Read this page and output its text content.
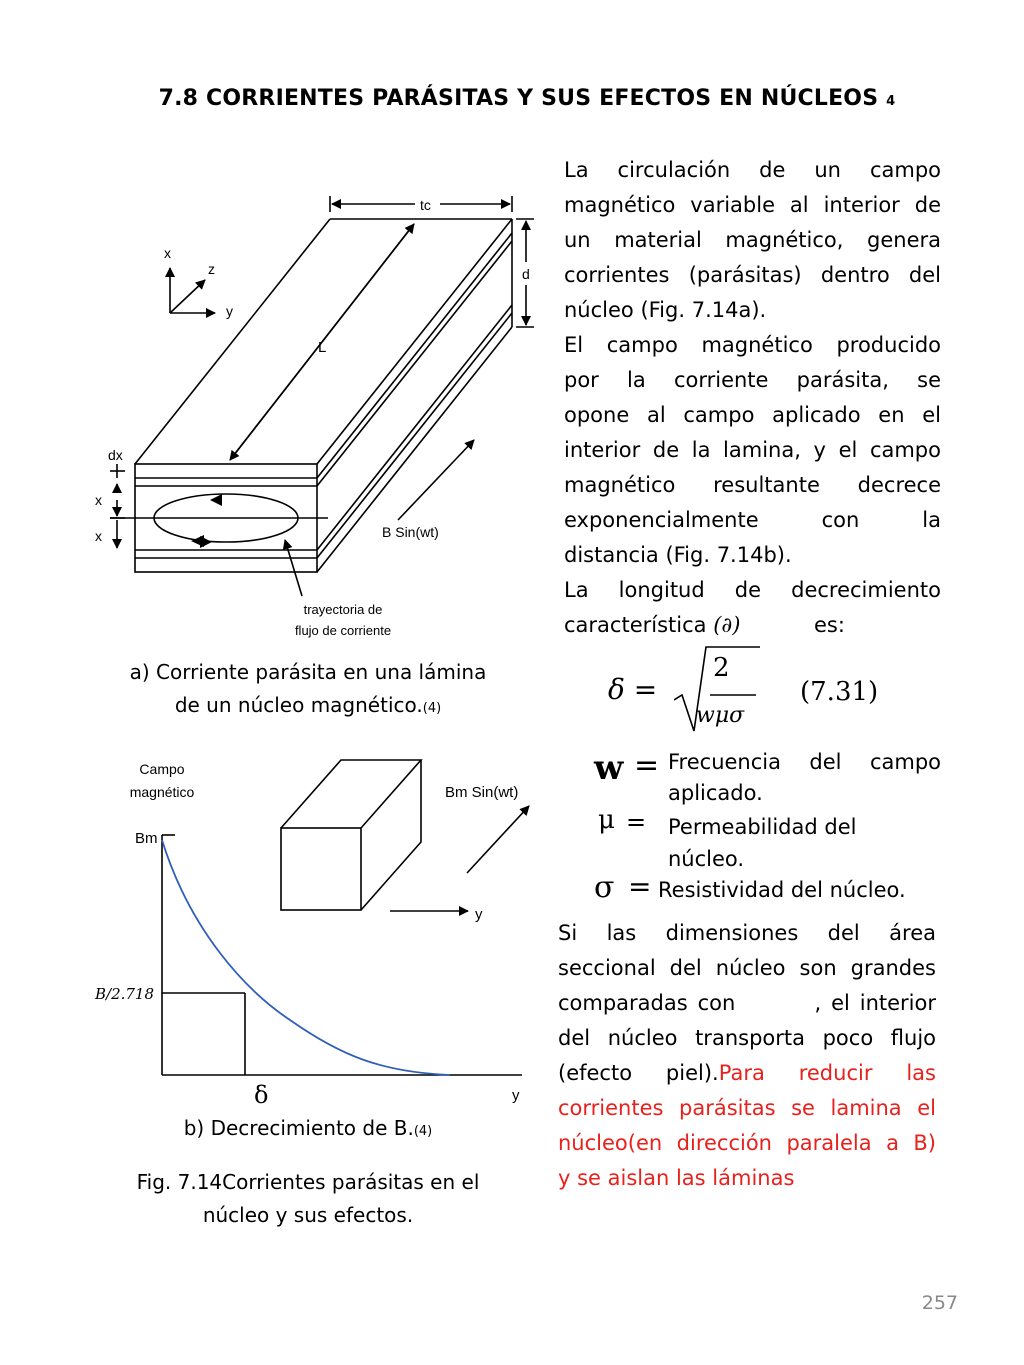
7.8 CORRIENTES PARÁSITAS Y SUS EFECTOS EN NÚCLEOS 4
tc
d
x
z
y
L
dx
x
x	B Sin(wt)
trayectoria de
flujo de corriente
a) Corriente parásita en una lámina
de un núcleo magnético.(4)
Campo
magnético
Bm
B/2.718
δ	y
y
Bm Sin(wt)
b) Decrecimiento de B.(4)
Fig. 7.14Corrientes parásitas en el
núcleo y sus efectos.
La circulación de un campo
magnético variable al interior de
un material magnético, genera
corrientes (parásitas) dentro del
núcleo (Fig. 7.14a).
El campo magnético producido
por la corriente parásita, se
opone al campo aplicado en el
interior de la lamina, y el campo
magnético resultante decrece
exponencialmente con la
distancia (Fig. 7.14b).
La longitud de decrecimiento
característica (∂)	es:
δ =
2
wμσ
(7.31)
w = Frecuencia del campo
aplicado.
μ = Permeabilidad del
núcleo.
σ = Resistividad del núcleo.
Si las dimensiones del área
seccional del núcleo son grandes
comparadas con        , el interior
del núcleo transporta poco flujo
(efecto piel).Para reducir las
corrientes parásitas se lamina el
núcleo(en dirección paralela a B)
y se aislan las láminas
257
